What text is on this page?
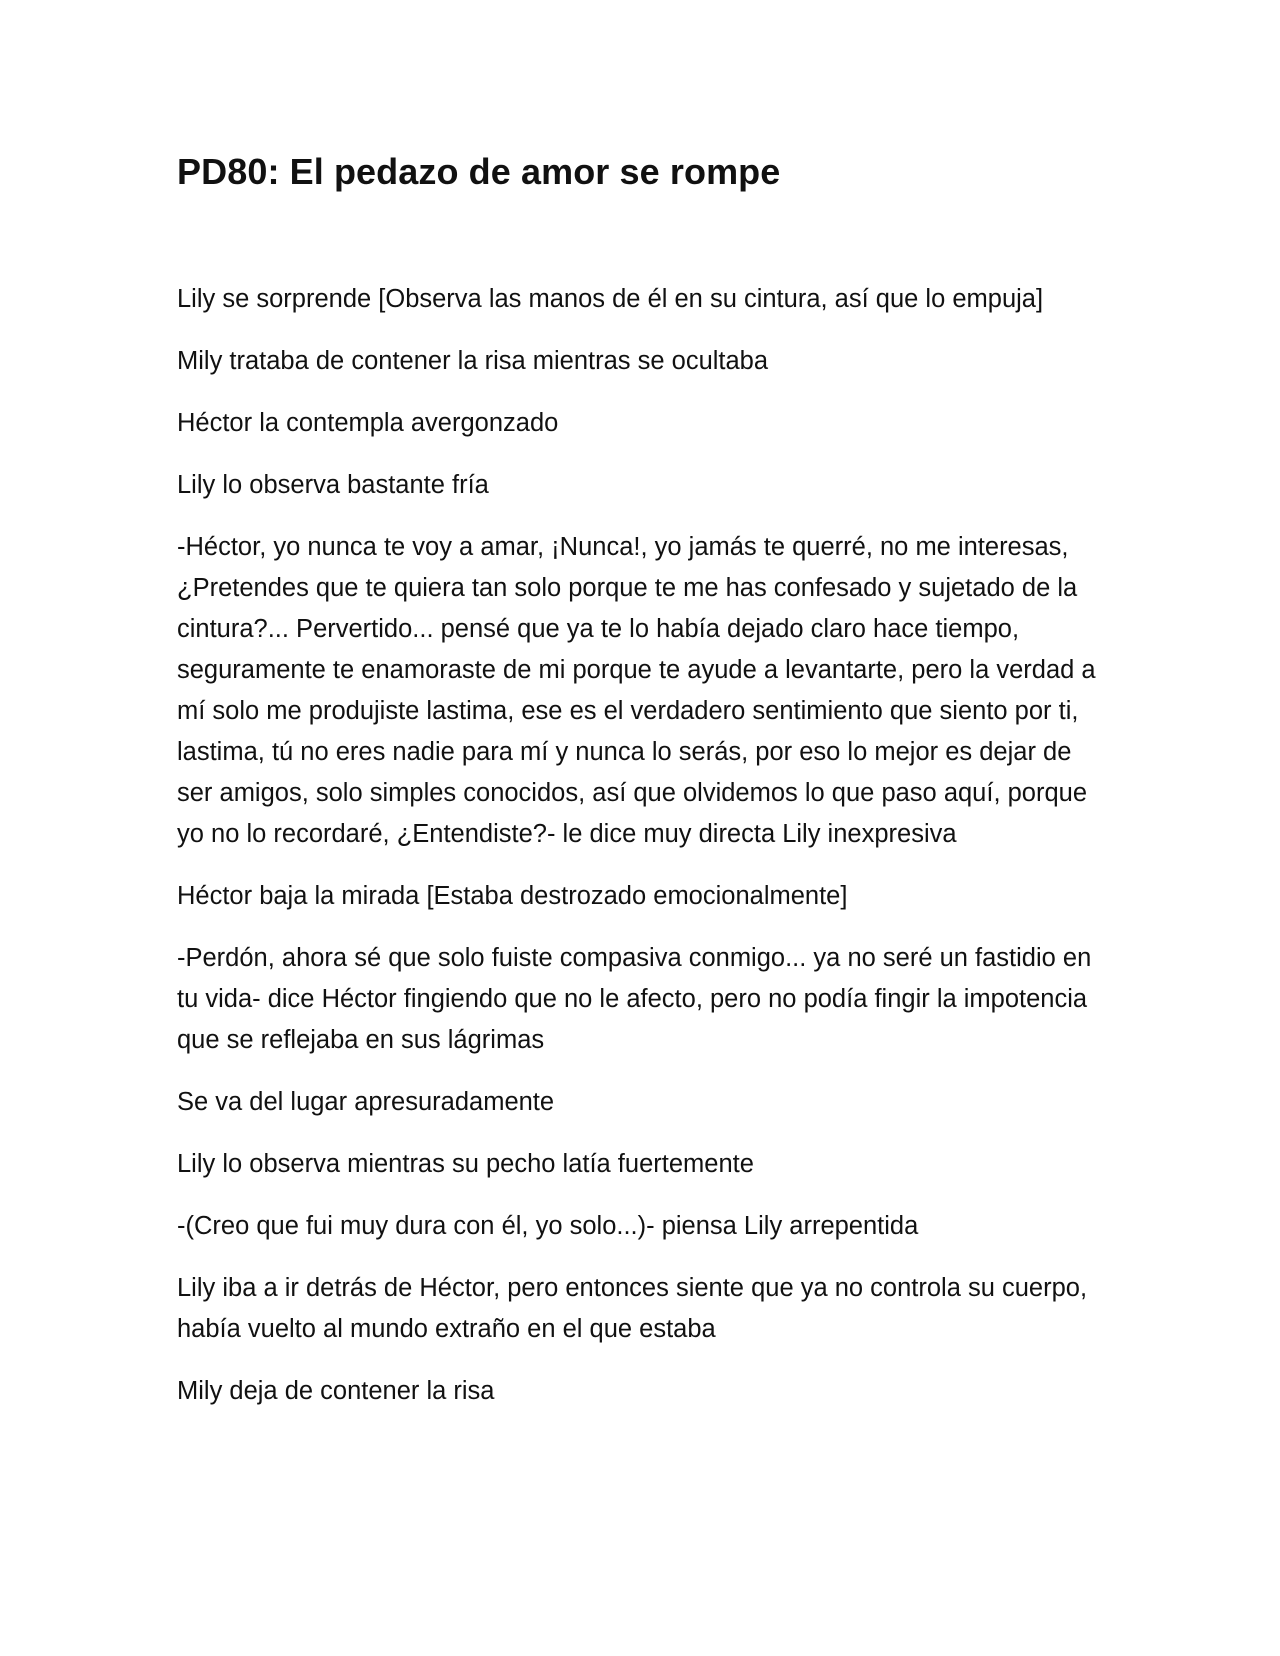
PD80: El pedazo de amor se rompe

Lily se sorprende [Observa las manos de él en su cintura, así que lo empuja]

Mily trataba de contener la risa mientras se ocultaba

Héctor la contempla avergonzado

Lily lo observa bastante fría

-Héctor, yo nunca te voy a amar, ¡Nunca!, yo jamás te querré, no me interesas, ¿Pretendes que te quiera tan solo porque te me has confesado y sujetado de la cintura?... Pervertido... pensé que ya te lo había dejado claro hace tiempo, seguramente te enamoraste de mi porque te ayude a levantarte, pero la verdad a mí solo me produjiste lastima, ese es el verdadero sentimiento que siento por ti, lastima, tú no eres nadie para mí y nunca lo serás, por eso lo mejor es dejar de ser amigos, solo simples conocidos, así que olvidemos lo que paso aquí, porque yo no lo recordaré, ¿Entendiste?- le dice muy directa Lily inexpresiva

Héctor baja la mirada [Estaba destrozado emocionalmente]

-Perdón, ahora sé que solo fuiste compasiva conmigo... ya no seré un fastidio en tu vida- dice Héctor fingiendo que no le afecto, pero no podía fingir la impotencia que se reflejaba en sus lágrimas

Se va del lugar apresuradamente

Lily lo observa mientras su pecho latía fuertemente

-(Creo que fui muy dura con él, yo solo...)- piensa Lily arrepentida

Lily iba a ir detrás de Héctor, pero entonces siente que ya no controla su cuerpo, había vuelto al mundo extraño en el que estaba

Mily deja de contener la risa
